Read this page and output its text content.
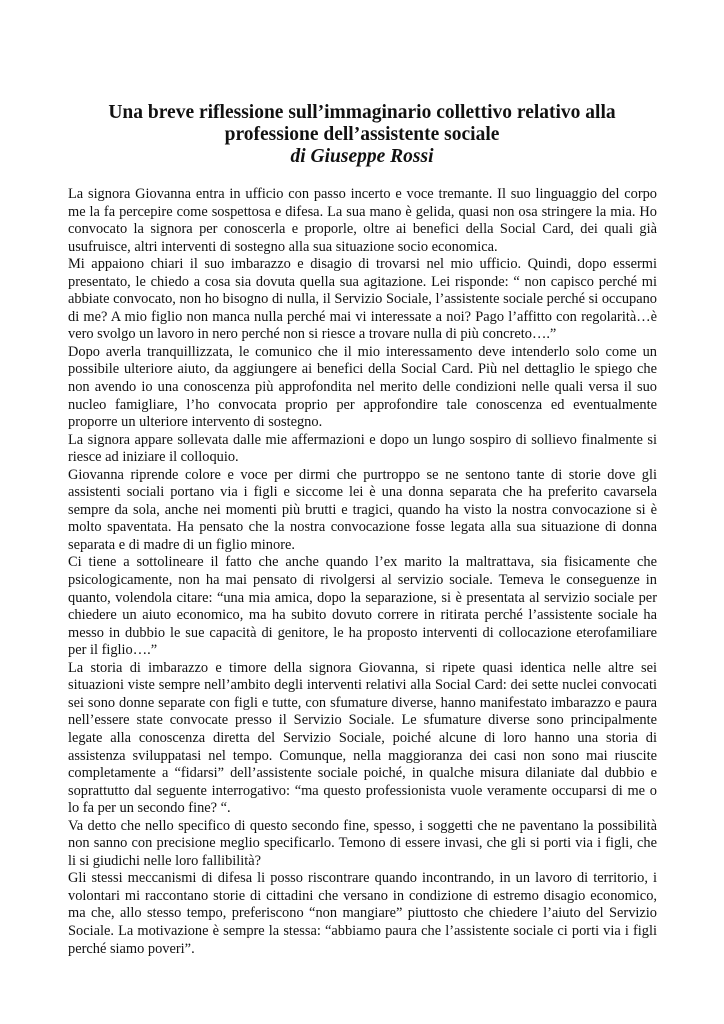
Una breve riflessione sull’immaginario collettivo relativo alla
professione dell’assistente sociale
di Giuseppe Rossi

La signora Giovanna entra in ufficio con passo incerto e voce tremante. Il suo linguaggio del corpo me la fa percepire come sospettosa e difesa. La sua mano è gelida, quasi non osa stringere la mia. Ho convocato la signora per conoscerla e proporle, oltre ai benefici della Social Card, dei quali già usufruisce, altri interventi di sostegno alla sua situazione socio economica.

Mi appaiono chiari il suo imbarazzo e disagio di trovarsi nel mio ufficio. Quindi, dopo essermi presentato, le chiedo a cosa sia dovuta quella sua agitazione. Lei risponde: “ non capisco perché mi abbiate convocato, non ho bisogno di nulla, il Servizio Sociale, l’assistente sociale perché si occupano di me? A mio figlio non manca nulla perché mai vi interessate a noi? Pago l’affitto con regolarità…è vero svolgo un lavoro in nero perché non si riesce a trovare nulla di più concreto….”

Dopo averla tranquillizzata, le comunico che il mio interessamento deve intenderlo solo come un possibile ulteriore aiuto, da aggiungere ai benefici della Social Card. Più nel dettaglio le spiego che non avendo io una conoscenza più approfondita nel merito delle condizioni nelle quali versa il suo nucleo famigliare, l’ho convocata proprio per approfondire tale conoscenza ed eventualmente proporre un ulteriore intervento di sostegno.

La signora appare sollevata dalle mie affermazioni e dopo un lungo sospiro di sollievo finalmente si riesce ad iniziare il colloquio.

Giovanna riprende colore e voce per dirmi che purtroppo se ne sentono tante di storie dove gli assistenti sociali portano via i figli e siccome lei è una donna separata che ha preferito cavarsela sempre da sola, anche nei momenti più brutti e tragici, quando ha visto la nostra convocazione si è molto spaventata. Ha pensato che la nostra convocazione fosse legata alla sua situazione di donna separata e di madre di un figlio minore.

Ci tiene a sottolineare il fatto che anche quando l’ex marito la maltrattava, sia fisicamente che psicologicamente, non ha mai pensato di rivolgersi al servizio sociale. Temeva le conseguenze in quanto, volendola citare: “una mia amica, dopo la separazione, si è presentata al servizio sociale per chiedere un aiuto economico, ma ha subito dovuto correre in ritirata perché l’assistente sociale ha messo in dubbio le sue capacità di genitore, le ha proposto interventi di collocazione eterofamiliare per il figlio….”

La storia di imbarazzo e timore della signora Giovanna, si ripete quasi identica nelle altre sei situazioni viste sempre nell’ambito degli interventi relativi alla Social Card: dei sette nuclei convocati sei sono donne separate con figli e tutte, con sfumature diverse, hanno manifestato imbarazzo e paura nell’essere state convocate presso il Servizio Sociale. Le sfumature diverse sono principalmente legate alla conoscenza diretta del Servizio Sociale, poiché alcune di loro hanno una storia di assistenza sviluppatasi nel tempo. Comunque, nella maggioranza dei casi non sono mai riuscite completamente a “fidarsi” dell’assistente sociale poiché, in qualche misura dilaniate dal dubbio e soprattutto dal seguente interrogativo: “ma questo professionista vuole veramente occuparsi di me o lo fa per un secondo fine? “.

Va detto che nello specifico di questo secondo fine, spesso, i soggetti che ne paventano la possibilità non sanno con precisione meglio specificarlo. Temono di essere invasi, che gli si porti via i figli, che li si giudichi nelle loro fallibilità?

Gli stessi meccanismi di difesa li posso riscontrare quando incontrando, in un lavoro di territorio, i volontari mi raccontano storie di cittadini che versano in condizione di estremo disagio economico, ma che, allo stesso tempo, preferiscono “non mangiare” piuttosto che chiedere l’aiuto del Servizio Sociale. La motivazione è sempre la stessa: “abbiamo paura che l’assistente sociale ci porti via i figli perché siamo poveri”.
